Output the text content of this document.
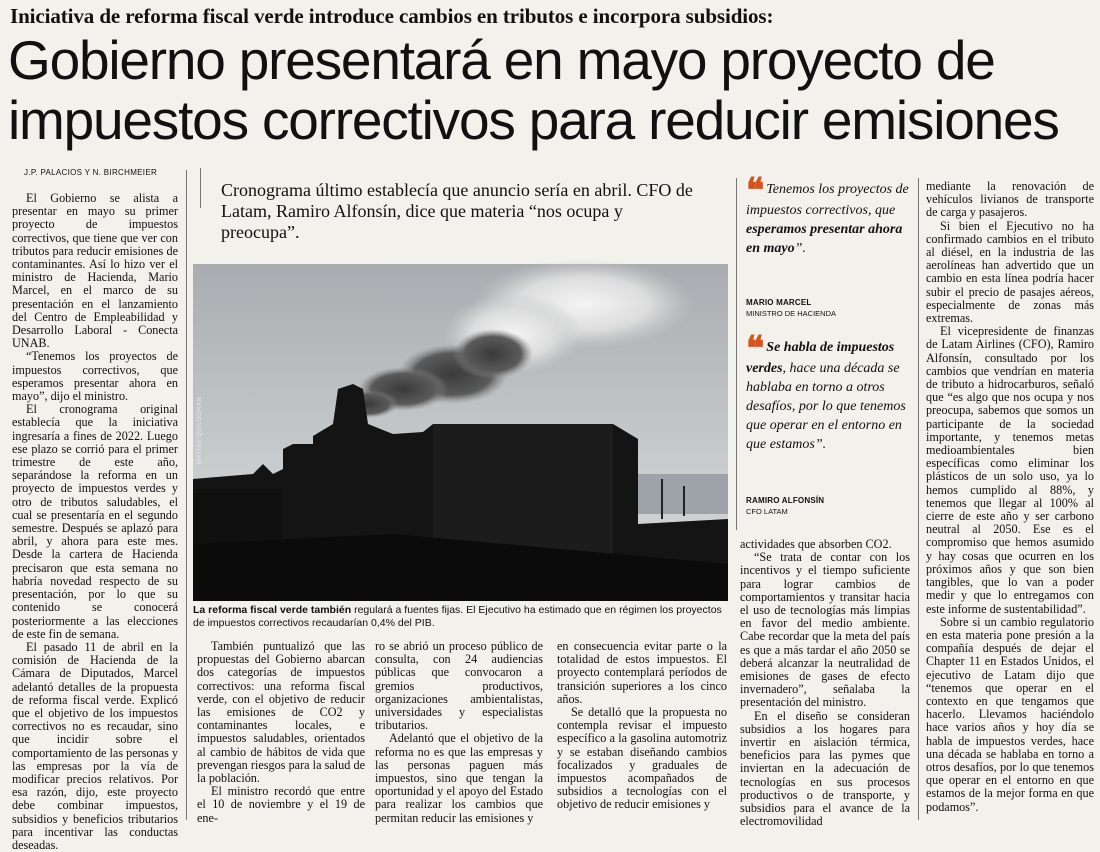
Iniciativa de reforma fiscal verde introduce cambios en tributos e incorpora subsidios:
Gobierno presentará en mayo proyecto de
impuestos correctivos para reducir emisiones
J.P. PALACIOS Y N. BIRCHMEIER

El Gobierno se alista a presentar en mayo su primer proyecto de impuestos correctivos, que tiene que ver con tributos para reducir emisiones de contaminantes. Así lo hizo ver el ministro de Hacienda, Mario Marcel, en el marco de su presentación en el lanzamiento del Centro de Empleabilidad y Desarrollo Laboral - Conecta UNAB.

“Tenemos los proyectos de impuestos correctivos, que esperamos presentar ahora en mayo”, dijo el ministro.

El cronograma original establecía que la iniciativa ingresaría a fines de 2022. Luego ese plazo se corrió para el primer trimestre de este año, separándose la reforma en un proyecto de impuestos verdes y otro de tributos saludables, el cual se presentaría en el segundo semestre. Después se aplazó para abril, y ahora para este mes. Desde la cartera de Hacienda precisaron que esta semana no habría novedad respecto de su presentación, por lo que su contenido se conocerá posteriormente a las elecciones de este fin de semana.

El pasado 11 de abril en la comisión de Hacienda de la Cámara de Diputados, Marcel adelantó detalles de la propuesta de reforma fiscal verde. Explicó que el objetivo de los impuestos correctivos no es recaudar, sino que incidir sobre el comportamiento de las personas y las empresas por la vía de modificar precios relativos. Por esa razón, dijo, este proyecto debe combinar impuestos, subsidios y beneficios tributarios para incentivar las conductas deseadas.

Cronograma último establecía que anuncio sería en abril. CFO de Latam, Ramiro Alfonsín, dice que materia “nos ocupa y preocupa”.
MATÍAS QUILODRÁN
La reforma fiscal verde también regulará a fuentes fijas. El Ejecutivo ha estimado que en régimen los proyectos de impuestos correctivos recaudarían 0,4% del PIB.

También puntualizó que las propuestas del Gobierno abarcan dos categorías de impuestos correctivos: una reforma fiscal verde, con el objetivo de reducir las emisiones de CO2 y contaminantes locales, e impuestos saludables, orientados al cambio de hábitos de vida que prevengan riesgos para la salud de la población.

El ministro recordó que entre el 10 de noviembre y el 19 de ene-

ro se abrió un proceso público de consulta, con 24 audiencias públicas que convocaron a gremios productivos, organizaciones ambientalistas, universidades y especialistas tributarios.

Adelantó que el objetivo de la reforma no es que las empresas y las personas paguen más impuestos, sino que tengan la oportunidad y el apoyo del Estado para realizar los cambios que permitan reducir las emisiones y

en consecuencia evitar parte o la totalidad de estos impuestos. El proyecto contemplará períodos de transición superiores a los cinco años.

Se detalló que la propuesta no contempla revisar el impuesto específico a la gasolina automotriz y se estaban diseñando cambios focalizados y graduales de impuestos acompañados de subsidios a tecnologías con el objetivo de reducir emisiones y

actividades que absorben CO2.

“Se trata de contar con los incentivos y el tiempo suficiente para lograr cambios de comportamientos y transitar hacia el uso de tecnologías más limpias en favor del medio ambiente. Cabe recordar que la meta del país es que a más tardar el año 2050 se deberá alcanzar la neutralidad de emisiones de gases de efecto invernadero”, señalaba la presentación del ministro.

En el diseño se consideran subsidios a los hogares para invertir en aislación térmica, beneficios para las pymes que inviertan en la adecuación de tecnologías en sus procesos productivos o de transporte, y subsidios para el avance de la electromovilidad

mediante la renovación de vehículos livianos de transporte de carga y pasajeros.

Si bien el Ejecutivo no ha confirmado cambios en el tributo al diésel, en la industria de las aerolíneas han advertido que un cambio en esta línea podría hacer subir el precio de pasajes aéreos, especialmente de zonas más extremas.

El vicepresidente de finanzas de Latam Airlines (CFO), Ramiro Alfonsín, consultado por los cambios que vendrían en materia de tributo a hidrocarburos, señaló que “es algo que nos ocupa y nos preocupa, sabemos que somos un participante de la sociedad importante, y tenemos metas medioambientales bien específicas como eliminar los plásticos de un solo uso, ya lo hemos cumplido al 88%, y tenemos que llegar al 100% al cierre de este año y ser carbono neutral al 2050. Ese es el compromiso que hemos asumido y hay cosas que ocurren en los próximos años y que son bien tangibles, que lo van a poder medir y que lo entregamos con este informe de sustentabilidad”.

Sobre si un cambio regulatorio en esta materia pone presión a la compañía después de dejar el Chapter 11 en Estados Unidos, el ejecutivo de Latam dijo que “tenemos que operar en el contexto en que tengamos que hacerlo. Llevamos haciéndolo hace varios años y hoy día se habla de impuestos verdes, hace una década se hablaba en torno a otros desafíos, por lo que tenemos que operar en el entorno en que estamos de la mejor forma en que podamos”.

❝ Tenemos los proyectos de impuestos correctivos, que esperamos presentar ahora en mayo”.
MARIO MARCEL
MINISTRO DE HACIENDA
❝ Se habla de impuestos verdes, hace una década se hablaba en torno a otros desafíos, por lo que tenemos que operar en el entorno en que estamos”.
RAMIRO ALFONSÍN
CFO LATAM
